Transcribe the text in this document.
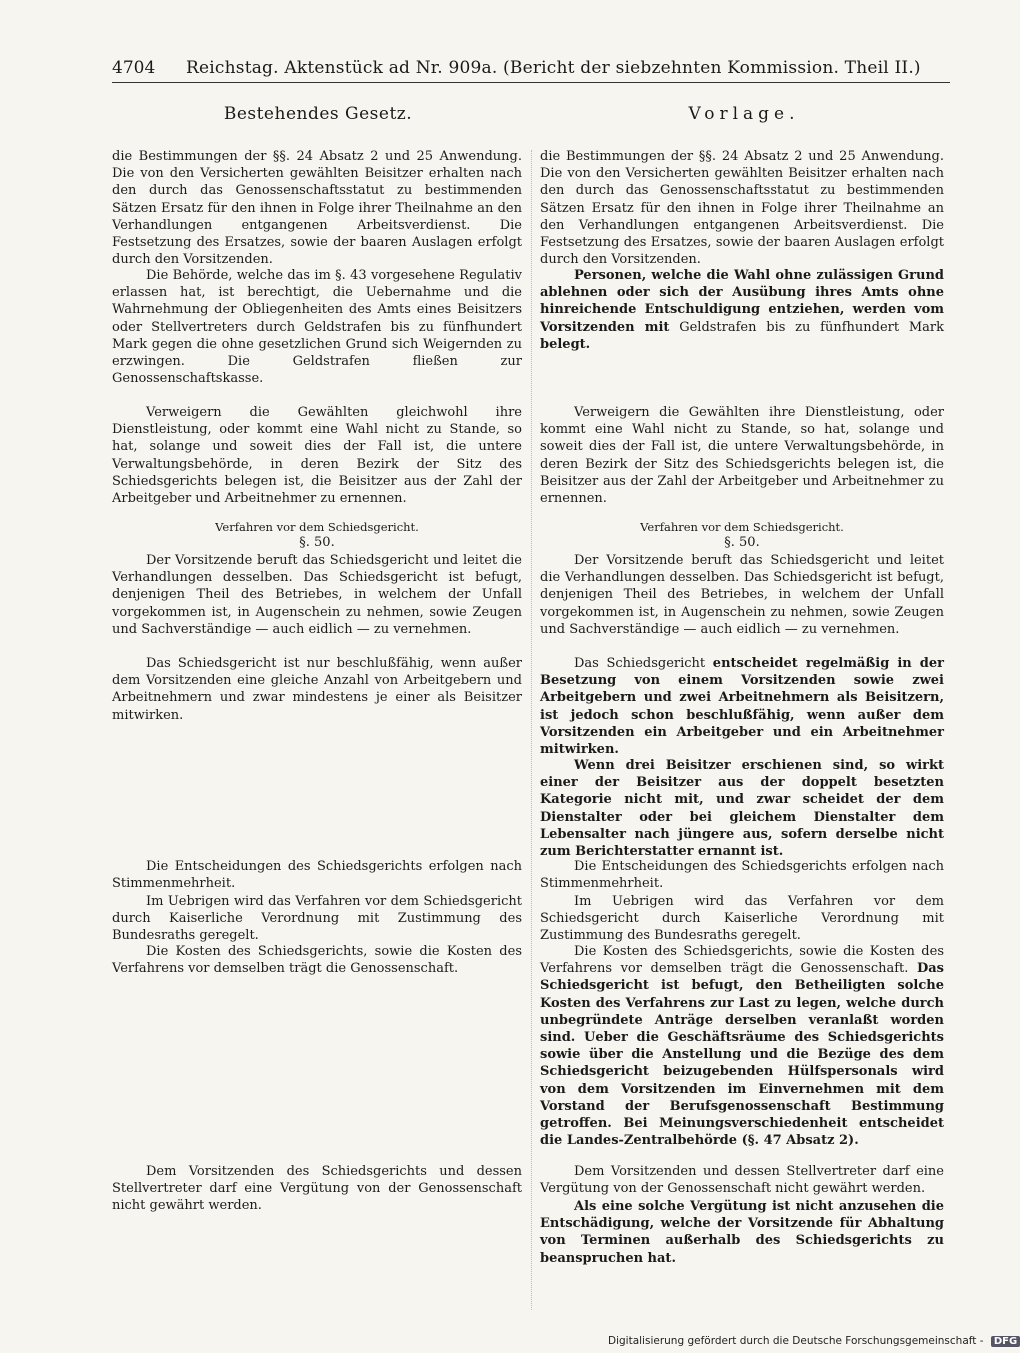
4704 Reichstag. Aktenstück ad Nr. 909a. (Bericht der siebzehnten Kommission. Theil II.)
Bestehendes Gesetz.	Vorlage.

die Bestimmungen der §§. 24 Absatz 2 und 25 Anwendung. Die von den Versicherten gewählten Beisitzer erhalten nach den durch das Genossenschaftsstatut zu bestimmenden Sätzen Ersatz für den ihnen in Folge ihrer Theilnahme an den Verhandlungen entgangenen Arbeitsverdienst. Die Festsetzung des Ersatzes, sowie der baaren Auslagen erfolgt durch den Vorsitzenden.

Die Behörde, welche das im §. 43 vorgesehene Regulativ erlassen hat, ist berechtigt, die Uebernahme und die Wahrnehmung der Obliegenheiten des Amts eines Beisitzers oder Stellvertreters durch Geldstrafen bis zu fünfhundert Mark gegen die ohne gesetzlichen Grund sich Weigernden zu erzwingen. Die Geldstrafen fließen zur Genossenschaftskasse.

Verweigern die Gewählten gleichwohl ihre Dienstleistung, oder kommt eine Wahl nicht zu Stande, so hat, solange und soweit dies der Fall ist, die untere Verwaltungsbehörde, in deren Bezirk der Sitz des Schiedsgerichts belegen ist, die Beisitzer aus der Zahl der Arbeitgeber und Arbeitnehmer zu ernennen.

Verfahren vor dem Schiedsgericht.
§. 50.

Der Vorsitzende beruft das Schiedsgericht und leitet die Verhandlungen desselben. Das Schiedsgericht ist befugt, denjenigen Theil des Betriebes, in welchem der Unfall vorgekommen ist, in Augenschein zu nehmen, sowie Zeugen und Sachverständige — auch eidlich — zu vernehmen.

Das Schiedsgericht ist nur beschlußfähig, wenn außer dem Vorsitzenden eine gleiche Anzahl von Arbeitgebern und Arbeitnehmern und zwar mindestens je einer als Beisitzer mitwirken.

Die Entscheidungen des Schiedsgerichts erfolgen nach Stimmenmehrheit.

Im Uebrigen wird das Verfahren vor dem Schiedsgericht durch Kaiserliche Verordnung mit Zustimmung des Bundesraths geregelt.

Die Kosten des Schiedsgerichts, sowie die Kosten des Verfahrens vor demselben trägt die Genossenschaft.

Dem Vorsitzenden des Schiedsgerichts und dessen Stellvertreter darf eine Vergütung von der Genossenschaft nicht gewährt werden.

die Bestimmungen der §§. 24 Absatz 2 und 25 Anwendung. Die von den Versicherten gewählten Beisitzer erhalten nach den durch das Genossenschaftsstatut zu bestimmenden Sätzen Ersatz für den ihnen in Folge ihrer Theilnahme an den Verhandlungen entgangenen Arbeitsverdienst. Die Festsetzung des Ersatzes, sowie der baaren Auslagen erfolgt durch den Vorsitzenden.

Personen, welche die Wahl ohne zulässigen Grund ablehnen oder sich der Ausübung ihres Amts ohne hinreichende Entschuldigung entziehen, werden vom Vorsitzenden mit Geldstrafen bis zu fünfhundert Mark belegt.

Verweigern die Gewählten ihre Dienstleistung, oder kommt eine Wahl nicht zu Stande, so hat, solange und soweit dies der Fall ist, die untere Verwaltungsbehörde, in deren Bezirk der Sitz des Schiedsgerichts belegen ist, die Beisitzer aus der Zahl der Arbeitgeber und Arbeitnehmer zu ernennen.

Verfahren vor dem Schiedsgericht.
§. 50.

Der Vorsitzende beruft das Schiedsgericht und leitet die Verhandlungen desselben. Das Schiedsgericht ist befugt, denjenigen Theil des Betriebes, in welchem der Unfall vorgekommen ist, in Augenschein zu nehmen, sowie Zeugen und Sachverständige — auch eidlich — zu vernehmen.

Das Schiedsgericht entscheidet regelmäßig in der Besetzung von einem Vorsitzenden sowie zwei Arbeitgebern und zwei Arbeitnehmern als Beisitzern, ist jedoch schon beschlußfähig, wenn außer dem Vorsitzenden ein Arbeitgeber und ein Arbeitnehmer mitwirken.

Wenn drei Beisitzer erschienen sind, so wirkt einer der Beisitzer aus der doppelt besetzten Kategorie nicht mit, und zwar scheidet der dem Dienstalter oder bei gleichem Dienstalter dem Lebensalter nach jüngere aus, sofern derselbe nicht zum Berichterstatter ernannt ist.

Die Entscheidungen des Schiedsgerichts erfolgen nach Stimmenmehrheit.

Im Uebrigen wird das Verfahren vor dem Schiedsgericht durch Kaiserliche Verordnung mit Zustimmung des Bundesraths geregelt.

Die Kosten des Schiedsgerichts, sowie die Kosten des Verfahrens vor demselben trägt die Genossenschaft. Das Schiedsgericht ist befugt, den Betheiligten solche Kosten des Verfahrens zur Last zu legen, welche durch unbegründete Anträge derselben veranlaßt worden sind. Ueber die Geschäftsräume des Schiedsgerichts sowie über die Anstellung und die Bezüge des dem Schiedsgericht beizugebenden Hülfspersonals wird von dem Vorsitzenden im Einvernehmen mit dem Vorstand der Berufsgenossenschaft Bestimmung getroffen. Bei Meinungsverschiedenheit entscheidet die Landes-Zentralbehörde (§. 47 Absatz 2).

Dem Vorsitzenden und dessen Stellvertreter darf eine Vergütung von der Genossenschaft nicht gewährt werden.

Als eine solche Vergütung ist nicht anzusehen die Entschädigung, welche der Vorsitzende für Abhaltung von Terminen außerhalb des Schiedsgerichts zu beanspruchen hat.

Digitalisierung gefördert durch die Deutsche Forschungsgemeinschaft - DFG
